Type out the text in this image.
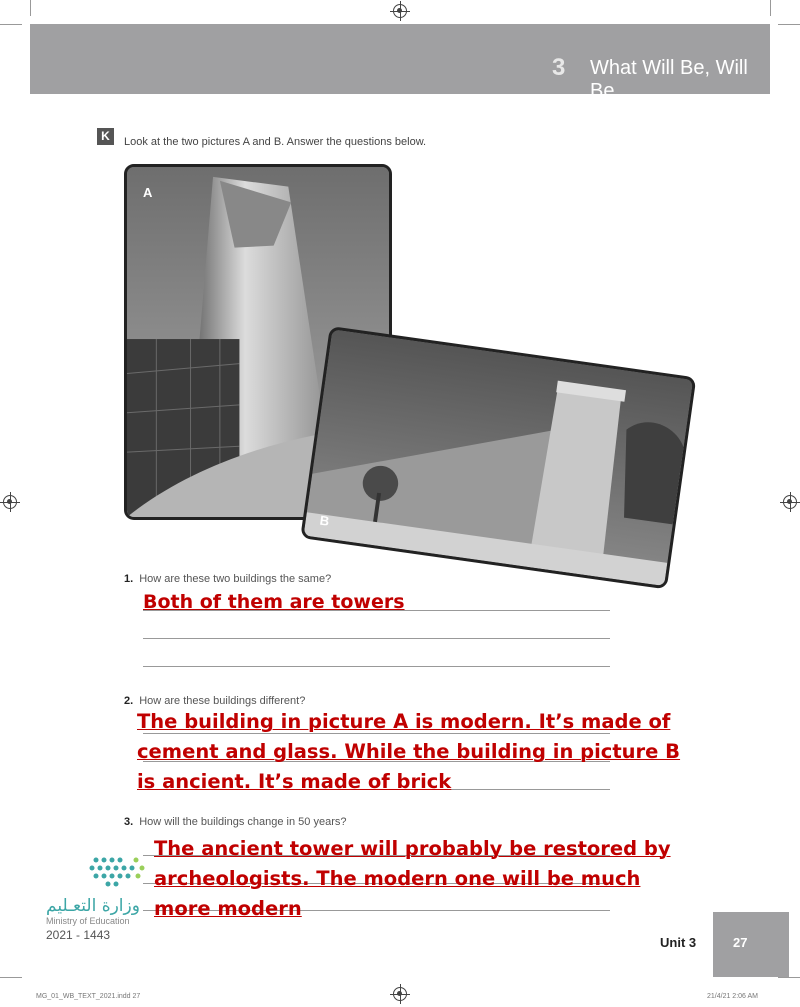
3 What Will Be, Will Be
K	Look at the two pictures A and B. Answer the questions below.
A
B
1. How are these two buildings the same?
Both of them are towers
2. How are these buildings different?
The building in picture A is modern. It’s made of
cement and glass. While the building in picture B
is ancient. It’s made of brick
3. How will the buildings change in 50 years?
The ancient tower will probably be restored by
archeologists. The modern one will be much
more modern
وزارة التعـليم
Ministry of Education
2021 - 1443	Unit 3	27
MG_01_WB_TEXT_2021.indd 27	21/4/21 2:06 AM
